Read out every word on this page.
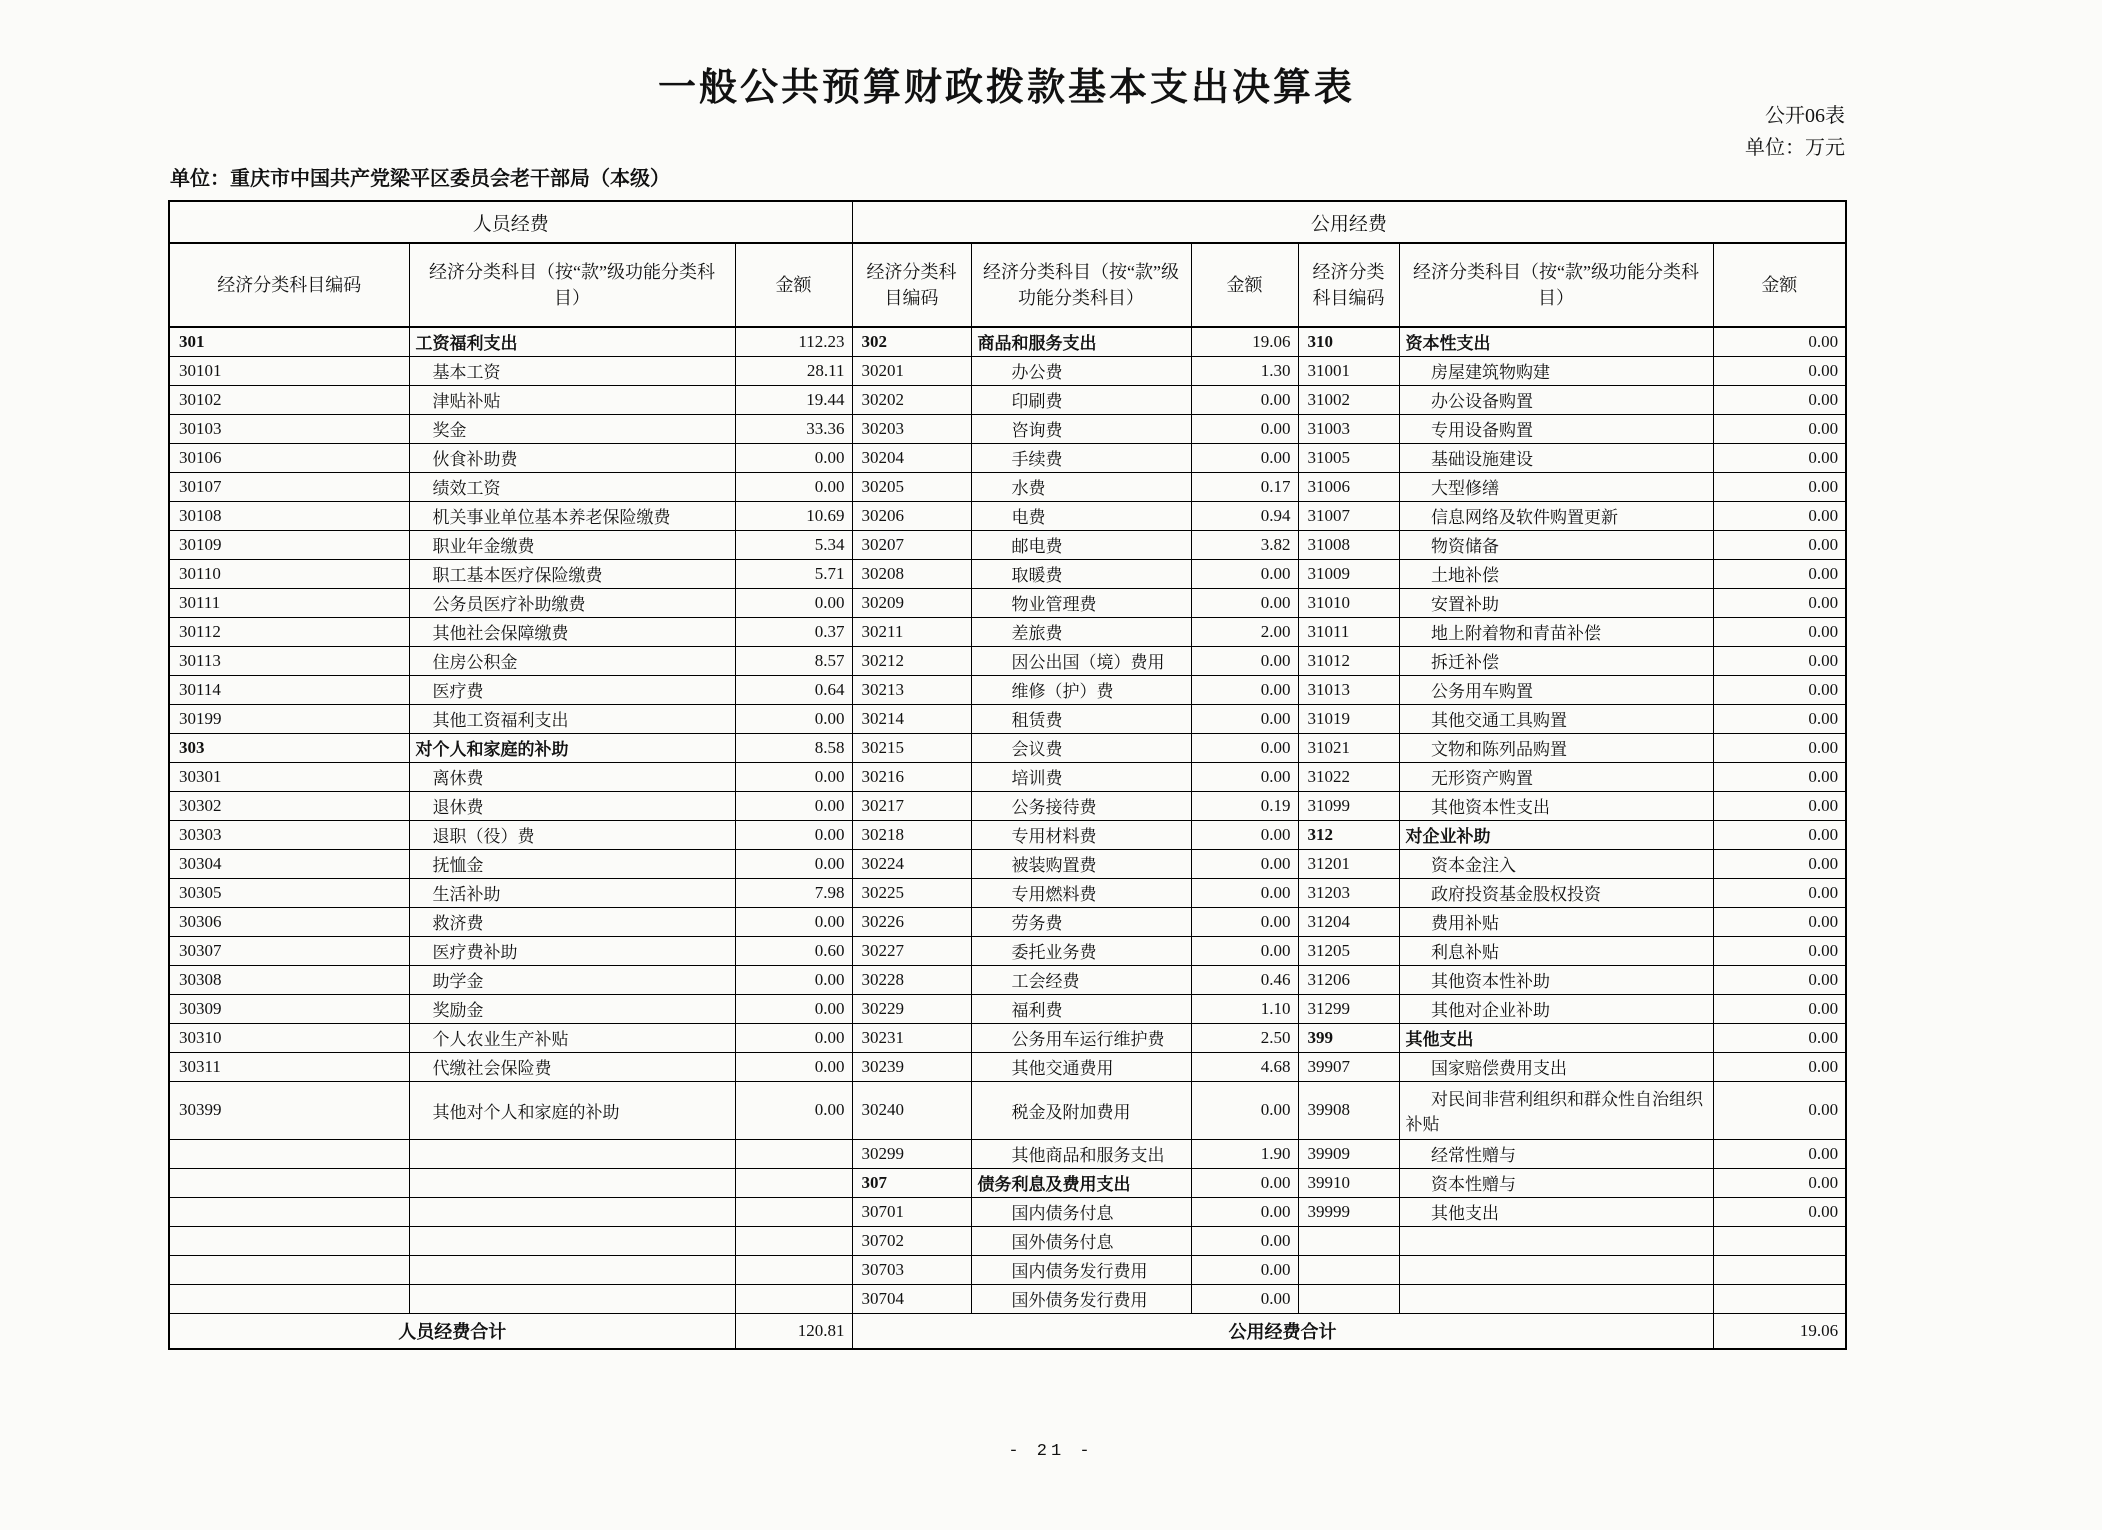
一般公共预算财政拨款基本支出决算表
公开06表
单位：万元
单位：重庆市中国共产党梁平区委员会老干部局（本级）
人员经费			公用经费					
经济分类科目编码	经济分类科目（按“款”级功能分类科目）	金额	经济分类科目编码	经济分类科目（按“款”级功能分类科目）	金额	经济分类科目编码	经济分类科目（按“款”级功能分类科目）	金额
301	工资福利支出	112.23	302	商品和服务支出	19.06	310	资本性支出	0.00
30101	基本工资	28.11	30201	办公费	1.30	31001	房屋建筑物购建	0.00
30102	津贴补贴	19.44	30202	印刷费	0.00	31002	办公设备购置	0.00
30103	奖金	33.36	30203	咨询费	0.00	31003	专用设备购置	0.00
30106	伙食补助费	0.00	30204	手续费	0.00	31005	基础设施建设	0.00
30107	绩效工资	0.00	30205	水费	0.17	31006	大型修缮	0.00
30108	机关事业单位基本养老保险缴费	10.69	30206	电费	0.94	31007	信息网络及软件购置更新	0.00
30109	职业年金缴费	5.34	30207	邮电费	3.82	31008	物资储备	0.00
30110	职工基本医疗保险缴费	5.71	30208	取暖费	0.00	31009	土地补偿	0.00
30111	公务员医疗补助缴费	0.00	30209	物业管理费	0.00	31010	安置补助	0.00
30112	其他社会保障缴费	0.37	30211	差旅费	2.00	31011	地上附着物和青苗补偿	0.00
30113	住房公积金	8.57	30212	因公出国（境）费用	0.00	31012	拆迁补偿	0.00
30114	医疗费	0.64	30213	维修（护）费	0.00	31013	公务用车购置	0.00
30199	其他工资福利支出	0.00	30214	租赁费	0.00	31019	其他交通工具购置	0.00
303	对个人和家庭的补助	8.58	30215	会议费	0.00	31021	文物和陈列品购置	0.00
30301	离休费	0.00	30216	培训费	0.00	31022	无形资产购置	0.00
30302	退休费	0.00	30217	公务接待费	0.19	31099	其他资本性支出	0.00
30303	退职（役）费	0.00	30218	专用材料费	0.00	312	对企业补助	0.00
30304	抚恤金	0.00	30224	被装购置费	0.00	31201	资本金注入	0.00
30305	生活补助	7.98	30225	专用燃料费	0.00	31203	政府投资基金股权投资	0.00
30306	救济费	0.00	30226	劳务费	0.00	31204	费用补贴	0.00
30307	医疗费补助	0.60	30227	委托业务费	0.00	31205	利息补贴	0.00
30308	助学金	0.00	30228	工会经费	0.46	31206	其他资本性补助	0.00
30309	奖励金	0.00	30229	福利费	1.10	31299	其他对企业补助	0.00
30310	个人农业生产补贴	0.00	30231	公务用车运行维护费	2.50	399	其他支出	0.00
30311	代缴社会保险费	0.00	30239	其他交通费用	4.68	39907	国家赔偿费用支出	0.00
30399	其他对个人和家庭的补助	0.00	30240	税金及附加费用	0.00	39908	对民间非营利组织和群众性自治组织补贴	0.00
			30299	其他商品和服务支出	1.90	39909	经常性赠与	0.00
			307	债务利息及费用支出	0.00	39910	资本性赠与	0.00
			30701	国内债务付息	0.00	39999	其他支出	0.00
			30702	国外债务付息	0.00			
			30703	国内债务发行费用	0.00			
			30704	国外债务发行费用	0.00			
人员经费合计		120.81	公用经费合计					19.06
- 21 -
